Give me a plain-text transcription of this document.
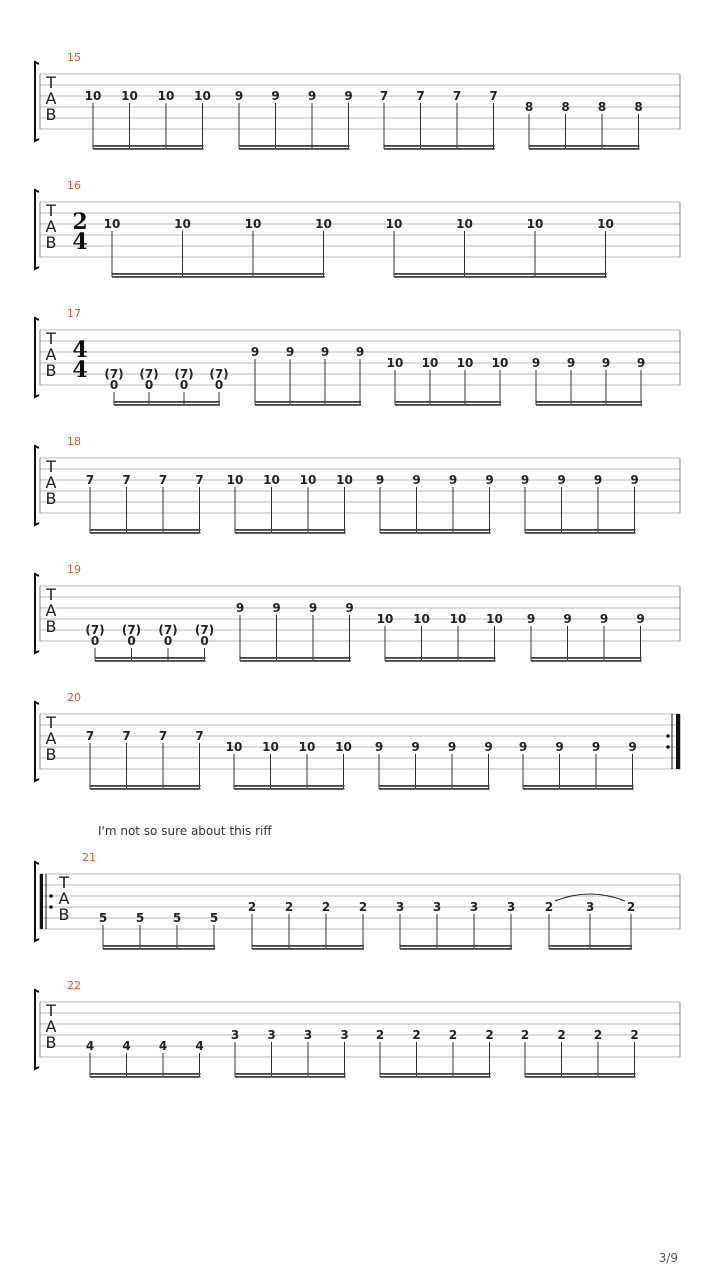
15
T
A
B
10 10 10 10 9 9 9 9 7 7 7 7
8 8 8 8
16
T
A
B
2
4
10	10	10	10	10	10	10	10
17
T
A
B
4
4 (7)
0
(7)
0
(7)
0
(7)
0
9 9 9 9
10 10 10 10 9 9 9 9
18
T
A
B
7 7 7 7 10 10 10 10 9 9 9 9 9 9 9 9
19
T
A
B (7)
0
(7)
0
(7)
0
(7)
0
9 9 9 9
10 10 10 10 9 9 9 9
20
T
A
B
7 7 7 7
10 10 10 10 9 9 9 9 9 9 9 9
21
T
A
B 5 5 5 5
2 2 2 2 3 3 3 3 2	3	2
22
T
A
B 4 4 4 4
3 3 3 3 2 2 2 2 2 2 2 2
I'm not so sure about this riff
3/9
